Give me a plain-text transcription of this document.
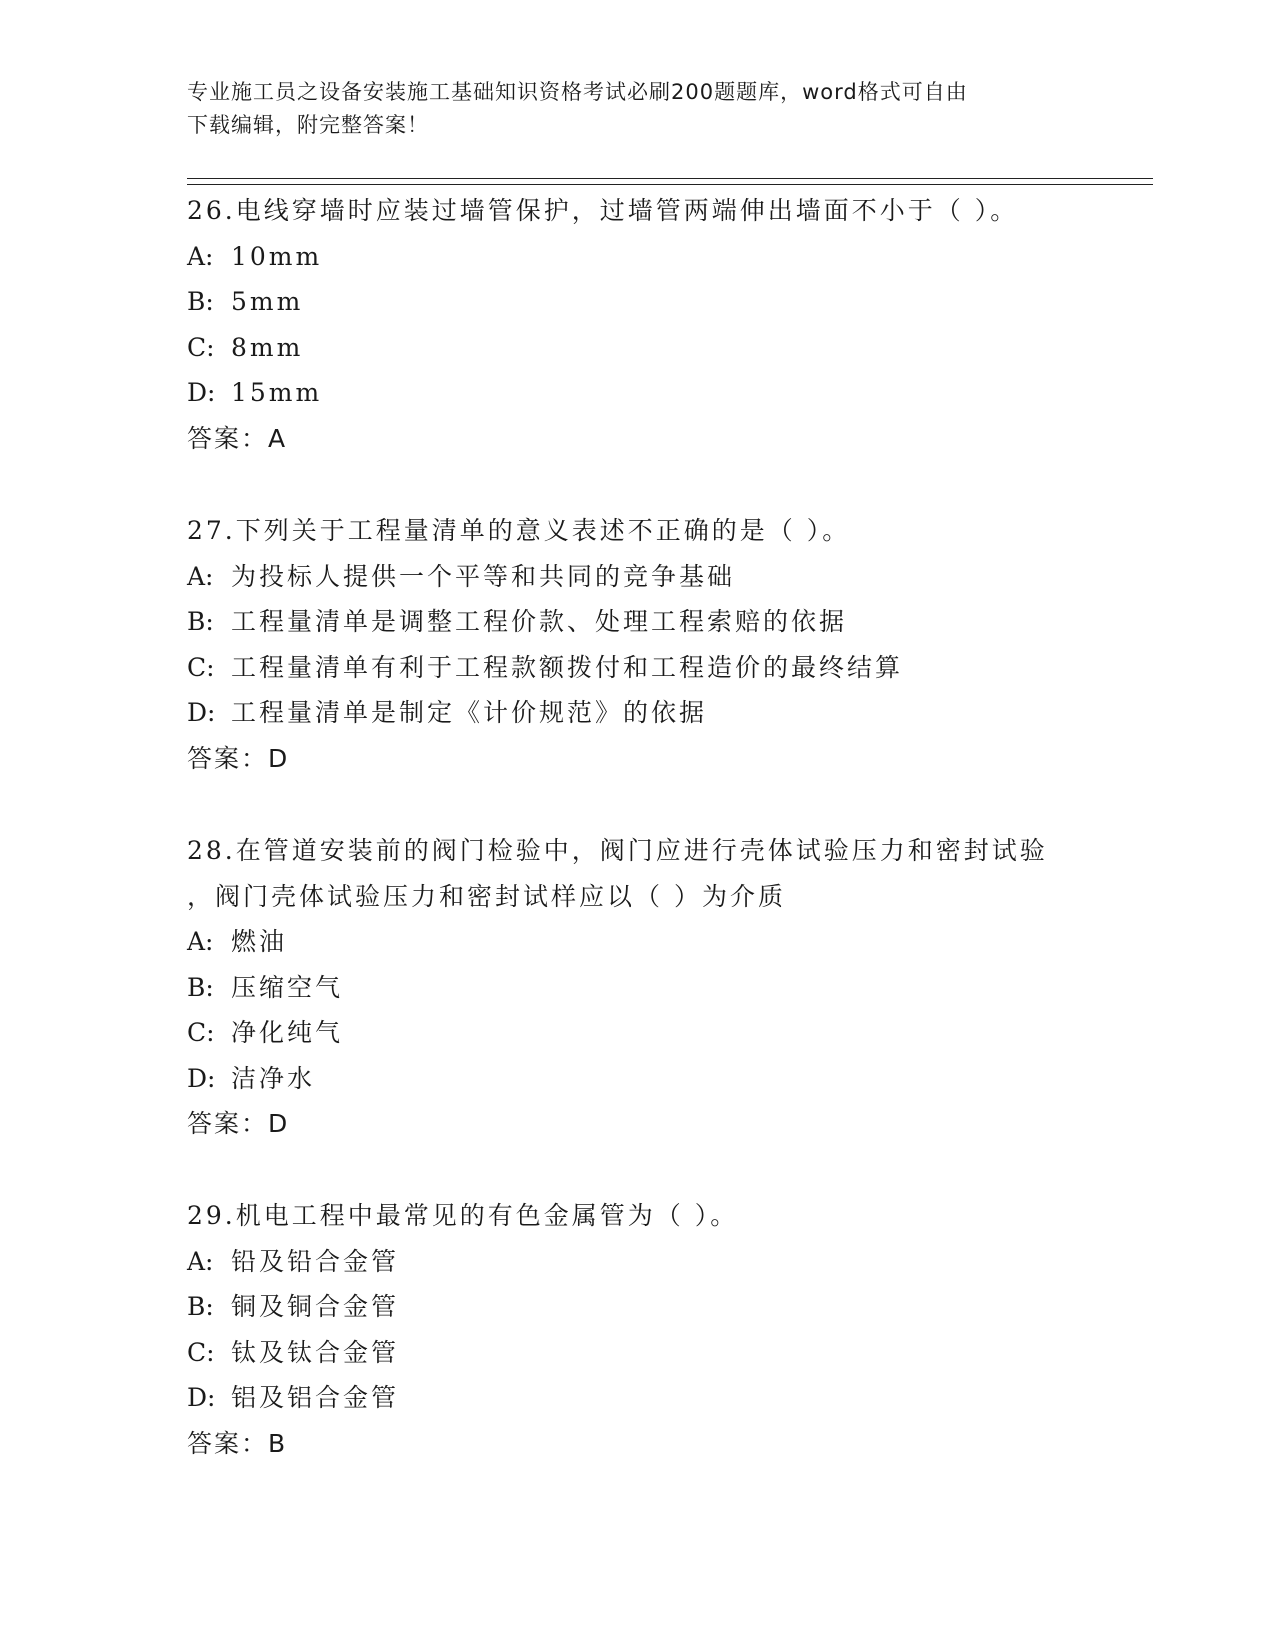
专业施工员之设备安装施工基础知识资格考试必刷200题题库，word格式可自由
下载编辑，附完整答案！
26.电线穿墙时应装过墙管保护，过墙管两端伸出墙面不小于（ ）。
A: 10mm
B: 5mm
C: 8mm
D: 15mm
答案：A
27.下列关于工程量清单的意义表述不正确的是（ ）。
A: 为投标人提供一个平等和共同的竞争基础
B: 工程量清单是调整工程价款、处理工程索赔的依据
C: 工程量清单有利于工程款额拨付和工程造价的最终结算
D: 工程量清单是制定《计价规范》的依据
答案：D
28.在管道安装前的阀门检验中，阀门应进行壳体试验压力和密封试验
，阀门壳体试验压力和密封试样应以（ ）为介质
A: 燃油
B: 压缩空气
C: 净化纯气
D: 洁净水
答案：D
29.机电工程中最常见的有色金属管为（ ）。
A: 铅及铅合金管
B: 铜及铜合金管
C: 钛及钛合金管
D: 铝及铝合金管
答案：B
